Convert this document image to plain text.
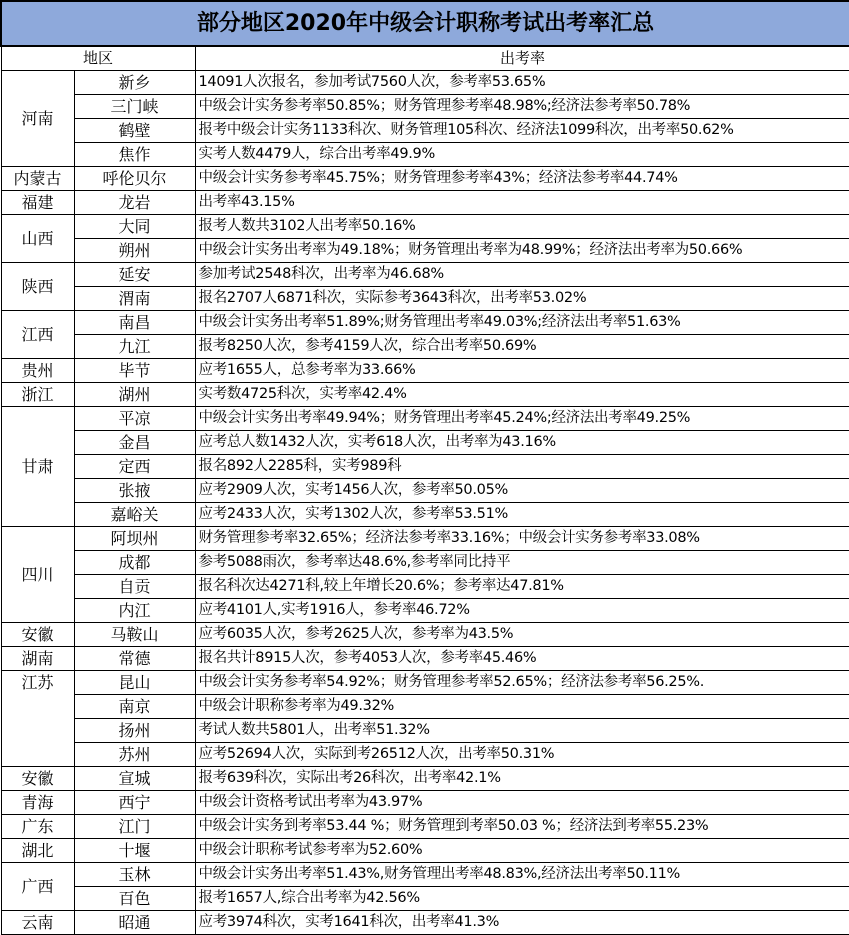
部分地区2020年中级会计职称考试出考率汇总		
地区		出考率
河南	新乡	14091人次报名，参加考试7560人次，参考率53.65%
	三门峡	中级会计实务参考率50.85%；财务管理参考率48.98%;经济法参考率50.78%
	鹤壁	报考中级会计实务1133科次、财务管理105科次、经济法1099科次，出考率50.62%
	焦作	实考人数4479人，综合出考率49.9%
内蒙古	呼伦贝尔	中级会计实务参考率45.75%；财务管理参考率43%；经济法参考率44.74%
福建	龙岩	出考率43.15%
山西	大同	报考人数共3102人出考率50.16%
	朔州	中级会计实务出考率为49.18%；财务管理出考率为48.99%；经济法出考率为50.66%
陕西	延安	参加考试2548科次，出考率为46.68%
	渭南	报名2707人6871科次，实际参考3643科次，出考率53.02%
江西	南昌	中级会计实务出考率51.89%;财务管理出考率49.03%;经济法出考率51.63%
	九江	报考8250人次，参考4159人次，综合出考率50.69%
贵州	毕节	应考1655人，总参考率为33.66%
浙江	湖州	实考数4725科次，实考率42.4%
甘肃	平凉	中级会计实务出考率49.94%；财务管理出考率45.24%;经济法出考率49.25%
	金昌	应考总人数1432人次，实考618人次，出考率为43.16%
	定西	报名892人2285科，实考989科
	张掖	应考2909人次，实考1456人次，参考率50.05%
	嘉峪关	应考2433人次，实考1302人次，参考率53.51%
四川	阿坝州	财务管理参考率32.65%；经济法参考率33.16%；中级会计实务参考率33.08%
	成都	参考5088雨次，参考率达48.6%,参考率同比持平
	自贡	报名科次达4271科,较上年增长20.6%；参考率达47.81%
	内江	应考4101人,实考1916人，参考率46.72%
安徽	马鞍山	应考6035人次，参考2625人次，参考率为43.5%
湖南	常德	报名共计8915人次，参考4053人次，参考率45.46%
江苏	昆山	中级会计实务参考率54.92%；财务管理参考率52.65%；经济法参考率56.25%.
	南京	中级会计职称参考率为49.32%
	扬州	考试人数共5801人，出考率51.32%
	苏州	应考52694人次，实际到考26512人次，出考率50.31%
安徽	宣城	报考639科次，实际出考26科次，出考率42.1%
青海	西宁	中级会计资格考试出考率为43.97%
广东	江门	中级会计实务到考率53.44 %；财务管理到考率50.03 %；经济法到考率55.23%
湖北	十堰	中级会计职称考试参考率为52.60%
广西	玉林	中级会计实务出考率51.43%,财务管理出考率48.83%,经济法出考率50.11%
	百色	报考1657人,综合出考率为42.56%
云南	昭通	应考3974科次，实考1641科次，出考率41.3%
